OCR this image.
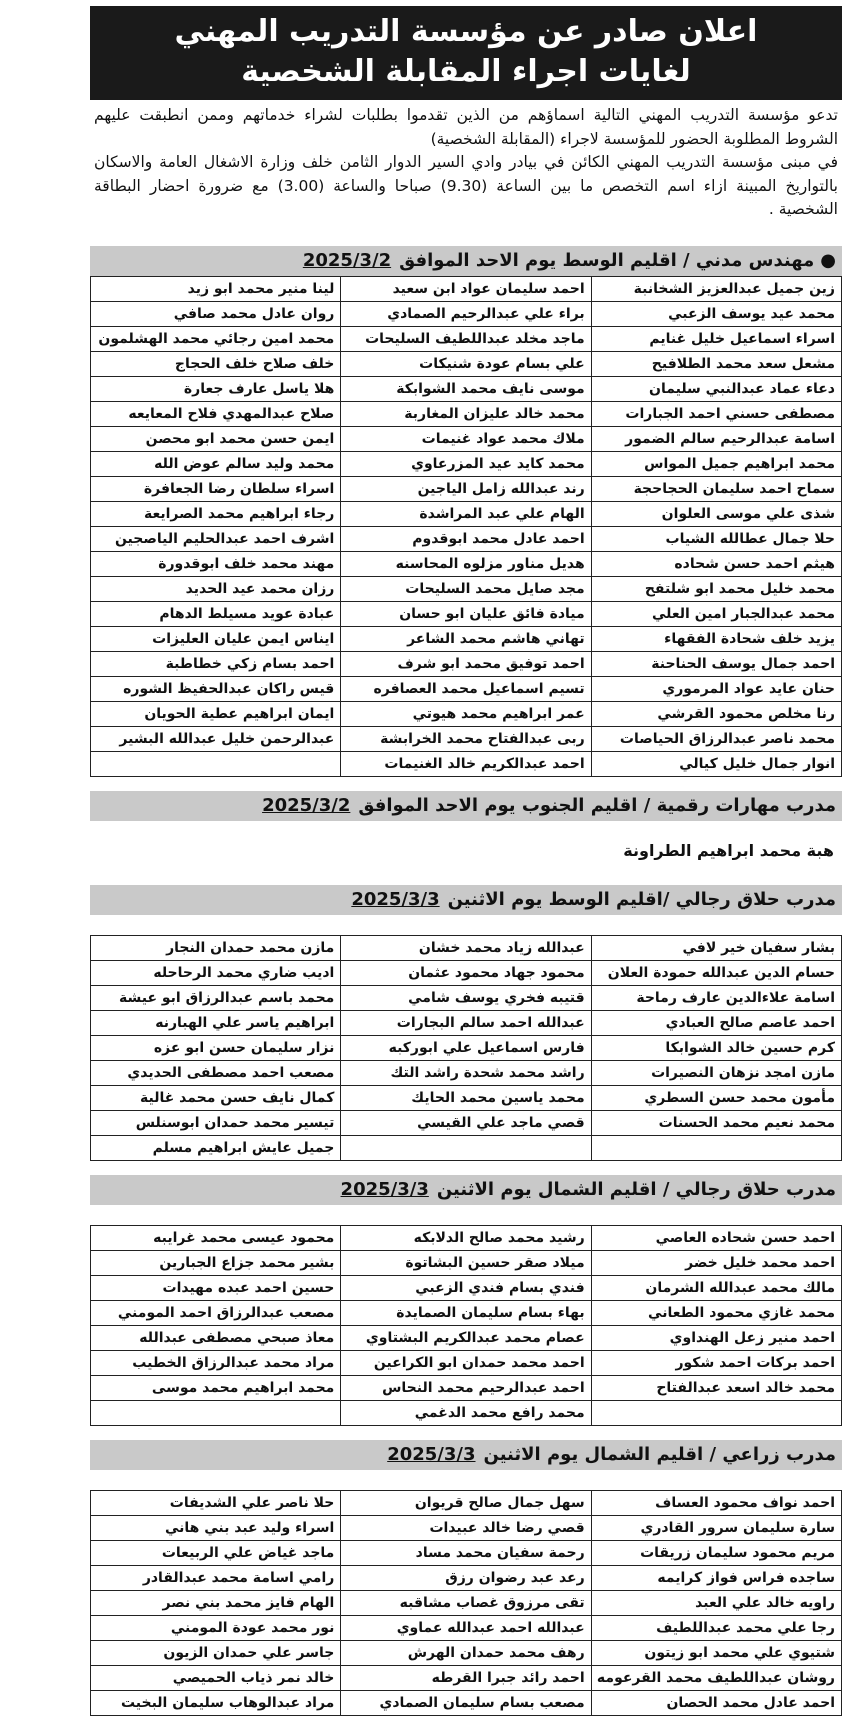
اعلان صادر عن مؤسسة التدريب المهني
لغايات اجراء المقابلة الشخصية

تدعو مؤسسة التدريب المهني التالية اسماؤهم من الذين تقدموا بطلبات لشراء خدماتهم وممن انطبقت عليهم الشروط المطلوبة الحضور للمؤسسة لاجراء (المقابلة الشخصية)

في مبنى مؤسسة التدريب المهني الكائن في بيادر وادي السير الدوار الثامن خلف وزارة الاشغال العامة والاسكان بالتواريخ المبينة ازاء اسم التخصص ما بين الساعة (9.30) صباحا والساعة (3.00) مع ضرورة احضار البطاقة الشخصية .

●مهندس مدني / اقليم الوسط يوم الاحد الموافق2025/3/2
زين جميل عبدالعزيز الشخانبة	احمد سليمان عواد ابن سعيد	لينا منير محمد ابو زيد
محمد عيد يوسف الزعبي	براء علي عبدالرحيم الصمادي	روان عادل محمد صافي
اسراء اسماعيل خليل غنايم	ماجد مخلد عبداللطيف السليحات	محمد امين رجائي محمد الهشلمون
مشعل سعد محمد الطلافيح	علي بسام عودة شنيكات	خلف صلاح خلف الحجاج
دعاء عماد عبدالنبي سليمان	موسى نايف محمد الشوابكة	هلا ياسل عارف جعارة
مصطفى حسني احمد الجبارات	محمد خالد عليزان المغاربة	صلاح عبدالمهدي فلاح المعايعه
اسامة عبدالرحيم سالم الضمور	ملاك محمد عواد غنيمات	ايمن حسن محمد ابو محصن
محمد ابراهيم جميل المواس	محمد كايد عيد المزرعاوي	محمد وليد سالم عوض الله
سماح احمد سليمان الحجاحجة	رند عبدالله زامل الياجين	اسراء سلطان رضا الجعافرة
شذى علي موسى العلوان	الهام علي عبد المراشدة	رجاء ابراهيم محمد الصرايعة
حلا جمال عطالله الشياب	احمد عادل محمد ابوقدوم	اشرف احمد عبدالحليم الياصجين
هيثم احمد حسن شحاده	هديل مناور مزلوه المحاسنه	مهند محمد خلف ابوقدورة
محمد خليل محمد ابو شلتفح	مجد صايل محمد السليحات	رزان محمد عيد الحديد
محمد عبدالجبار امين العلي	ميادة فائق عليان ابو حسان	عبادة عويد مسيلط الدهام
يزيد خلف شحادة الفقهاء	تهاني هاشم محمد الشاعر	ايناس ايمن عليان العليزات
احمد جمال يوسف الحناحنة	احمد توفيق محمد ابو شرف	احمد بسام زكي خطاطبة
حنان عايد عواد المرموري	تسيم اسماعيل محمد العصافره	قيس راكان عبدالحفيظ الشوره
رنا مخلص محمود القرشي	عمر ابراهيم محمد هيوتي	ايمان ابراهيم عطية الحويان
محمد ناصر عبدالرزاق الحياصات	ربى عبدالفتاح محمد الخرابشة	عبدالرحمن خليل عبدالله البشير
انوار جمال خليل كيالي	احمد عبدالكريم خالد الغنيمات	
مدرب مهارات رقمية / اقليم الجنوب يوم الاحد الموافق2025/3/2
هبة محمد ابراهيم الطراونة
مدرب حلاق رجالي /اقليم الوسط يوم الاثنين2025/3/3
بشار سفيان خير لافي	عبدالله زياد محمد خشان	مازن محمد حمدان النجار
حسام الدين عبدالله حمودة العلان	محمود جهاد محمود عثمان	اديب ضاري محمد الرحاحله
اسامة علاءالدين عارف رماحة	قتيبه فخري يوسف شامي	محمد باسم عبدالرزاق ابو عيشة
احمد عاصم صالح العبادي	عبدالله احمد سالم البجارات	ابراهيم ياسر علي الهبارنه
كرم حسين خالد الشوابكا	فارس اسماعيل علي ابوركبه	نزار سليمان حسن ابو عزه
مازن امجد نزهان النصيرات	راشد محمد شحدة راشد التك	مصعب احمد مصطفى الحديدي
مأمون محمد حسن السطري	محمد ياسين محمد الحايك	كمال نايف حسن محمد غالية
محمد نعيم محمد الحسنات	قصي ماجد علي القيسي	تيسير محمد حمدان ابوسنلس
		جميل عايش ابراهيم مسلم
مدرب حلاق رجالي / اقليم الشمال يوم الاثنين2025/3/3
احمد حسن شحاده العاصي	رشيد محمد صالح الدلابكه	محمود عيسى محمد غرايبه
احمد محمد خليل خضر	ميلاد صقر حسين البشاتوة	بشير محمد جزاع الجبارين
مالك محمد عبدالله الشرمان	فندي بسام فندي الزعبي	حسين احمد عبده مهيدات
محمد غازي محمود الطعاني	بهاء بسام سليمان الصمايدة	مصعب عبدالرزاق احمد المومني
احمد منير زعل الهنداوي	عصام محمد عبدالكريم البشتاوي	معاذ صبحي مصطفى عبدالله
احمد بركات احمد شكور	احمد محمد حمدان ابو الكراعين	مراد محمد عبدالرزاق الخطيب
محمد خالد اسعد عبدالفتاح	احمد عبدالرحيم محمد النحاس	محمد ابراهيم محمد موسى
	محمد رافع محمد الدغمي	
مدرب زراعي / اقليم الشمال يوم الاثنين2025/3/3
احمد نواف محمود العساف	سهل جمال صالح قريوان	حلا ناصر علي الشديفات
سارة سليمان سرور القادري	قصي رضا خالد عبيدات	اسراء وليد عبد بني هاني
مريم محمود سليمان زريقات	رحمة سفيان محمد مساد	ماجد غياض علي الربيعات
ساجده فراس فواز كرايمه	رعد عبد رضوان رزق	رامي اسامة محمد عبدالقادر
راويه خالد علي العبد	تقى مرزوق غصاب مشاقبه	الهام فايز محمد بني نصر
رجا علي محمد عبداللطيف	عبدالله احمد عبدالله عماوي	نور محمد عودة المومني
شتيوي علي محمد ابو زيتون	رهف محمد حمدان الهرش	جاسر علي حمدان الزيون
روشان عبداللطيف محمد القرعومه	احمد رائد جبرا القرطه	خالد نمر ذياب الحميصي
احمد عادل محمد الحصان	مصعب بسام سليمان الصمادي	مراد عبدالوهاب سليمان البخيت
